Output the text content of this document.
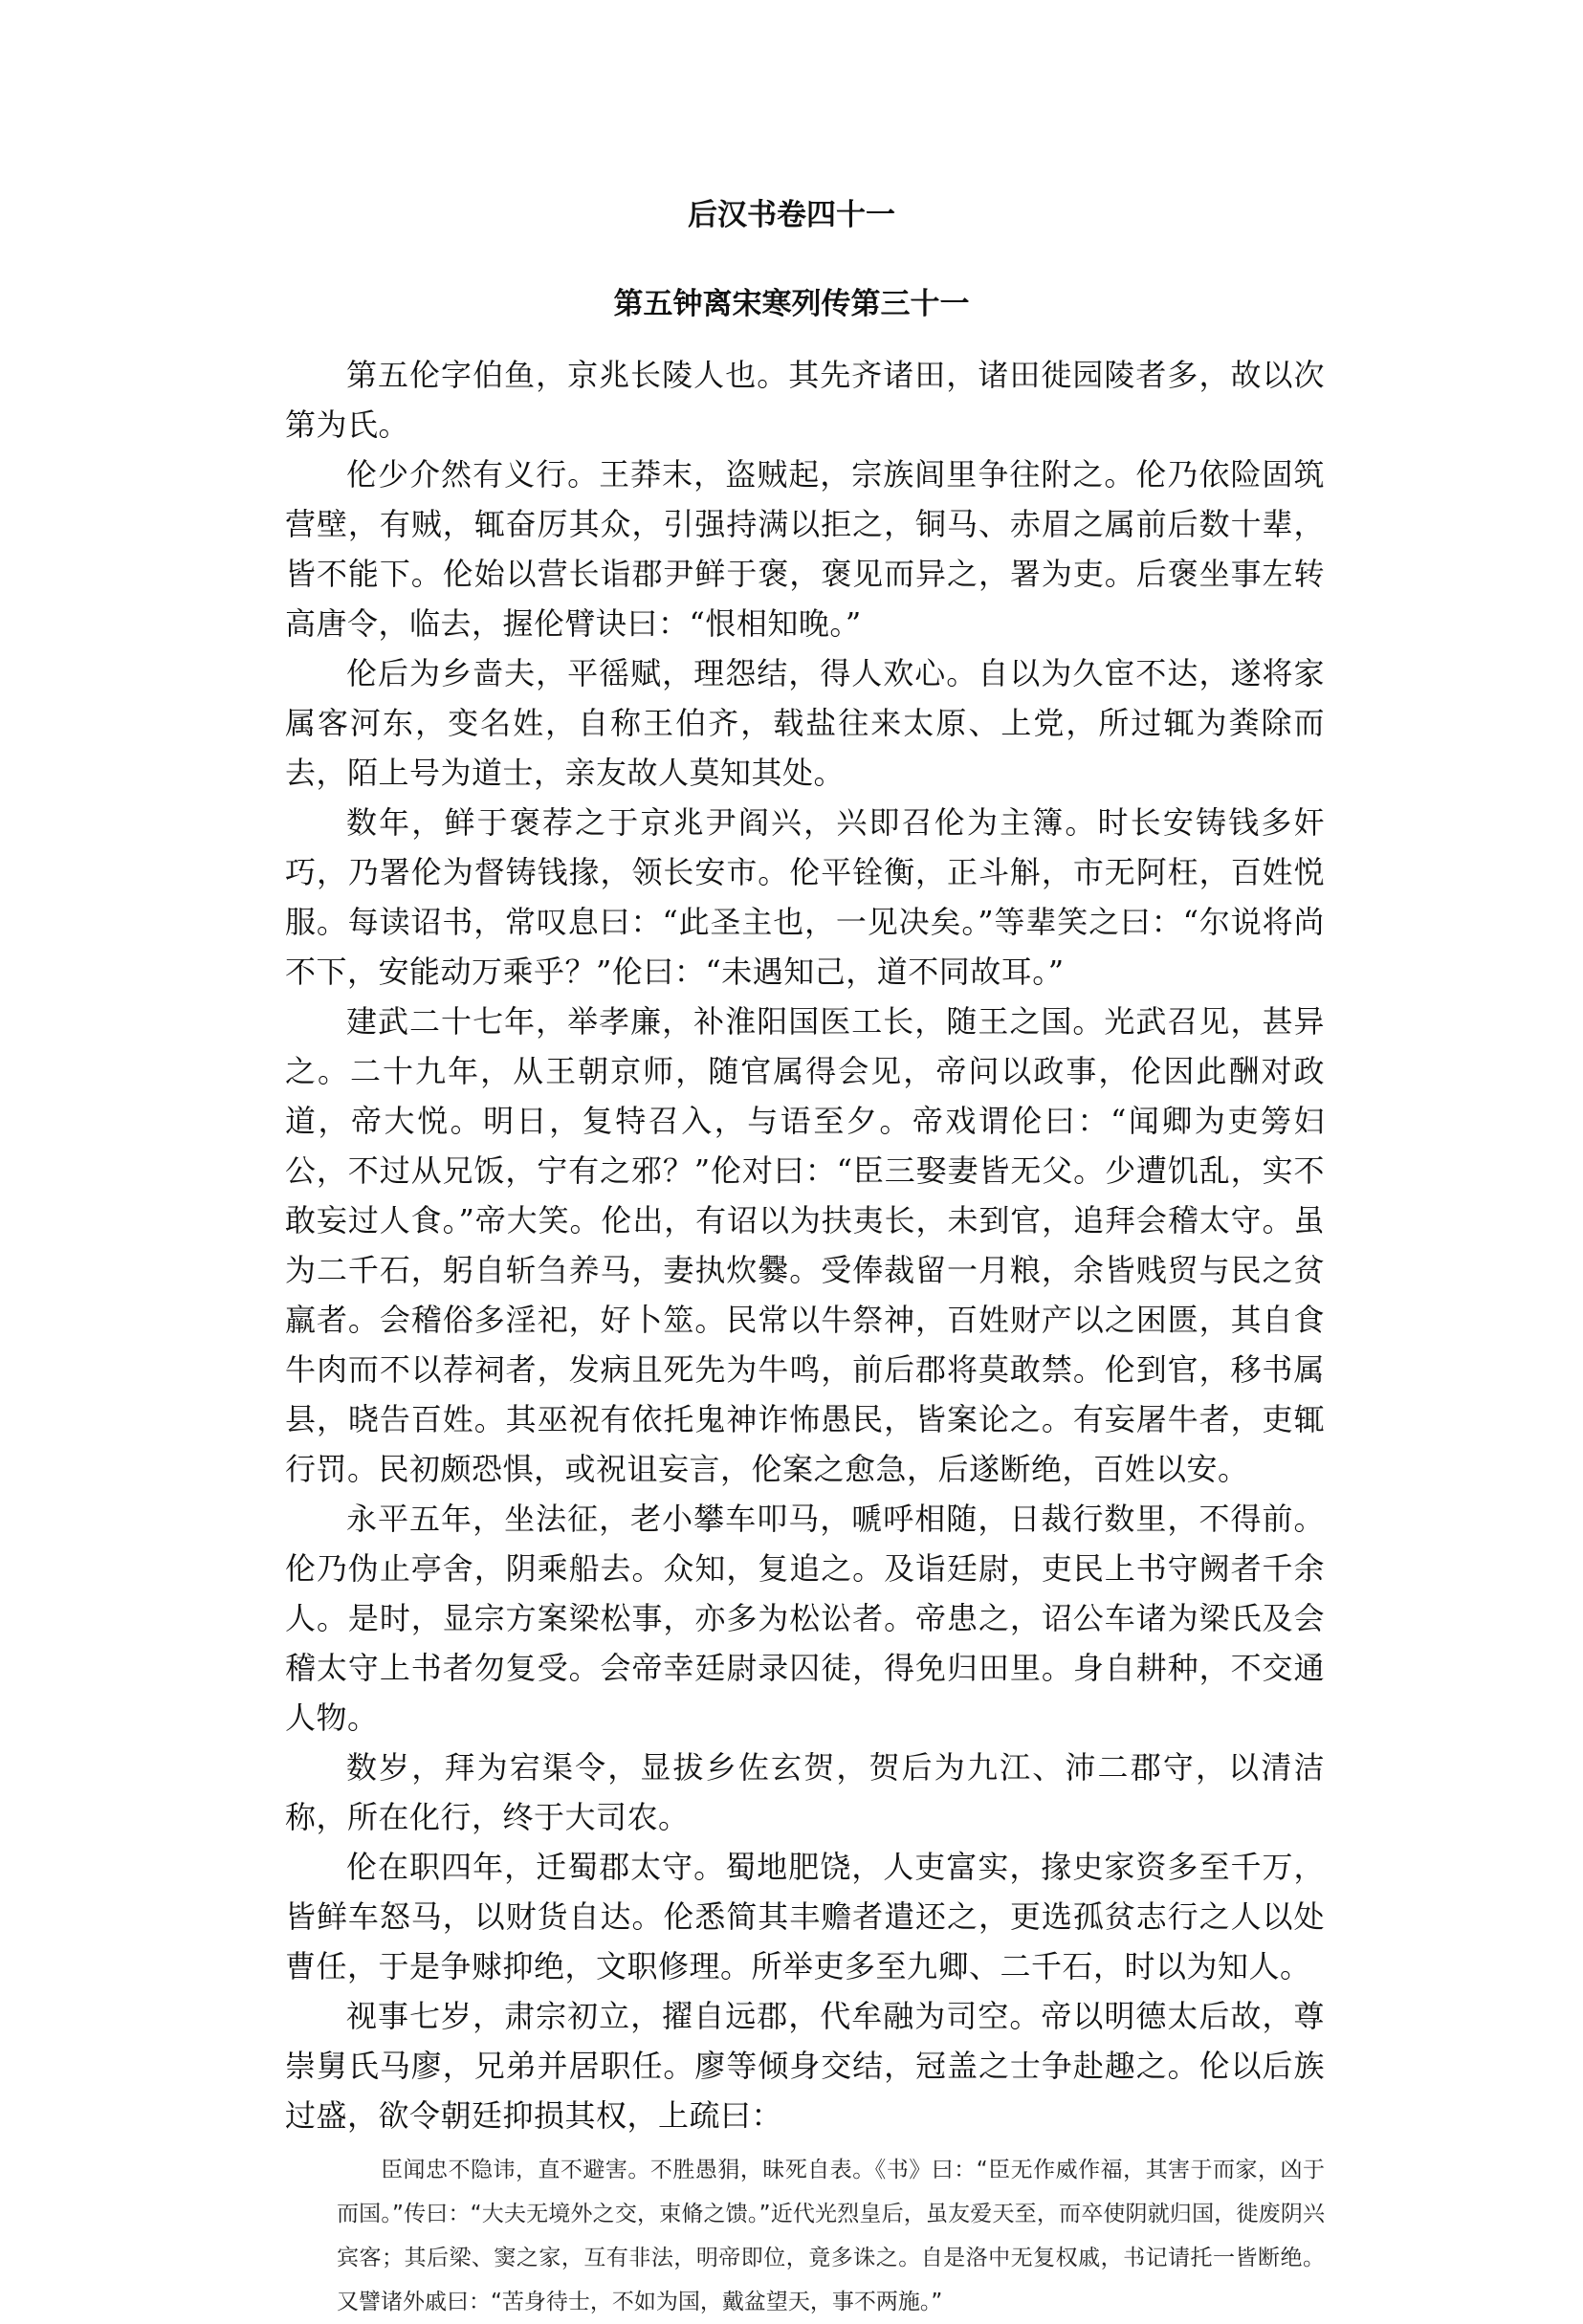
后汉书卷四十一
第五钟离宋寒列传第三十一

第五伦字伯鱼，京兆长陵人也。其先齐诸田，诸田徙园陵者多，故以次第为氏。

伦少介然有义行。王莽末，盗贼起，宗族闾里争往附之。伦乃依险固筑营壁，有贼，辄奋厉其众，引强持满以拒之，铜马、赤眉之属前后数十辈，皆不能下。伦始以营长诣郡尹鲜于褒，褒见而异之，署为吏。后褒坐事左转高唐令，临去，握伦臂诀曰：“恨相知晚。”

伦后为乡啬夫，平徭赋，理怨结，得人欢心。自以为久宦不达，遂将家属客河东，变名姓，自称王伯齐，载盐往来太原、上党，所过辄为粪除而去，陌上号为道士，亲友故人莫知其处。

数年，鲜于褒荐之于京兆尹阎兴，兴即召伦为主簿。时长安铸钱多奸巧，乃署伦为督铸钱掾，领长安市。伦平铨衡，正斗斛，市无阿枉，百姓悦服。每读诏书，常叹息曰：“此圣主也，一见决矣。”等辈笑之曰：“尔说将尚不下，安能动万乘乎？”伦曰：“未遇知己，道不同故耳。”

建武二十七年，举孝廉，补淮阳国医工长，随王之国。光武召见，甚异之。二十九年，从王朝京师，随官属得会见，帝问以政事，伦因此酬对政道，帝大悦。明日，复特召入，与语至夕。帝戏谓伦曰：“闻卿为吏篣妇公，不过从兄饭，宁有之邪？”伦对曰：“臣三娶妻皆无父。少遭饥乱，实不敢妄过人食。”帝大笑。伦出，有诏以为扶夷长，未到官，追拜会稽太守。虽为二千石，躬自斩刍养马，妻执炊爨。受俸裁留一月粮，余皆贱贸与民之贫羸者。会稽俗多淫祀，好卜筮。民常以牛祭神，百姓财产以之困匮，其自食牛肉而不以荐祠者，发病且死先为牛鸣，前后郡将莫敢禁。伦到官，移书属县，晓告百姓。其巫祝有依托鬼神诈怖愚民，皆案论之。有妄屠牛者，吏辄行罚。民初颇恐惧，或祝诅妄言，伦案之愈急，后遂断绝，百姓以安。

永平五年，坐法征，老小攀车叩马，嗁呼相随，日裁行数里，不得前。伦乃伪止亭舍，阴乘船去。众知，复追之。及诣廷尉，吏民上书守阙者千余人。是时，显宗方案梁松事，亦多为松讼者。帝患之，诏公车诸为梁氏及会稽太守上书者勿复受。会帝幸廷尉录囚徒，得免归田里。身自耕种，不交通人物。

数岁，拜为宕渠令，显拔乡佐玄贺，贺后为九江、沛二郡守，以清洁称，所在化行，终于大司农。

伦在职四年，迁蜀郡太守。蜀地肥饶，人吏富实，掾史家资多至千万，皆鲜车怒马，以财货自达。伦悉简其丰赡者遣还之，更选孤贫志行之人以处曹任，于是争赇抑绝，文职修理。所举吏多至九卿、二千石，时以为知人。

视事七岁，肃宗初立，擢自远郡，代牟融为司空。帝以明德太后故，尊崇舅氏马廖，兄弟并居职任。廖等倾身交结，冠盖之士争赴趣之。伦以后族过盛，欲令朝廷抑损其权，上疏曰：

臣闻忠不隐讳，直不避害。不胜愚狷，昧死自表。《书》曰：“臣无作威作福，其害于而家，凶于而国。”传曰：“大夫无境外之交，束脩之馈。”近代光烈皇后，虽友爱天至，而卒使阴就归国，徙废阴兴宾客；其后梁、窦之家，互有非法，明帝即位，竟多诛之。自是洛中无复权戚，书记请托一皆断绝。又譬诸外戚曰：“苦身待士，不如为国，戴盆望天，事不两施。”
